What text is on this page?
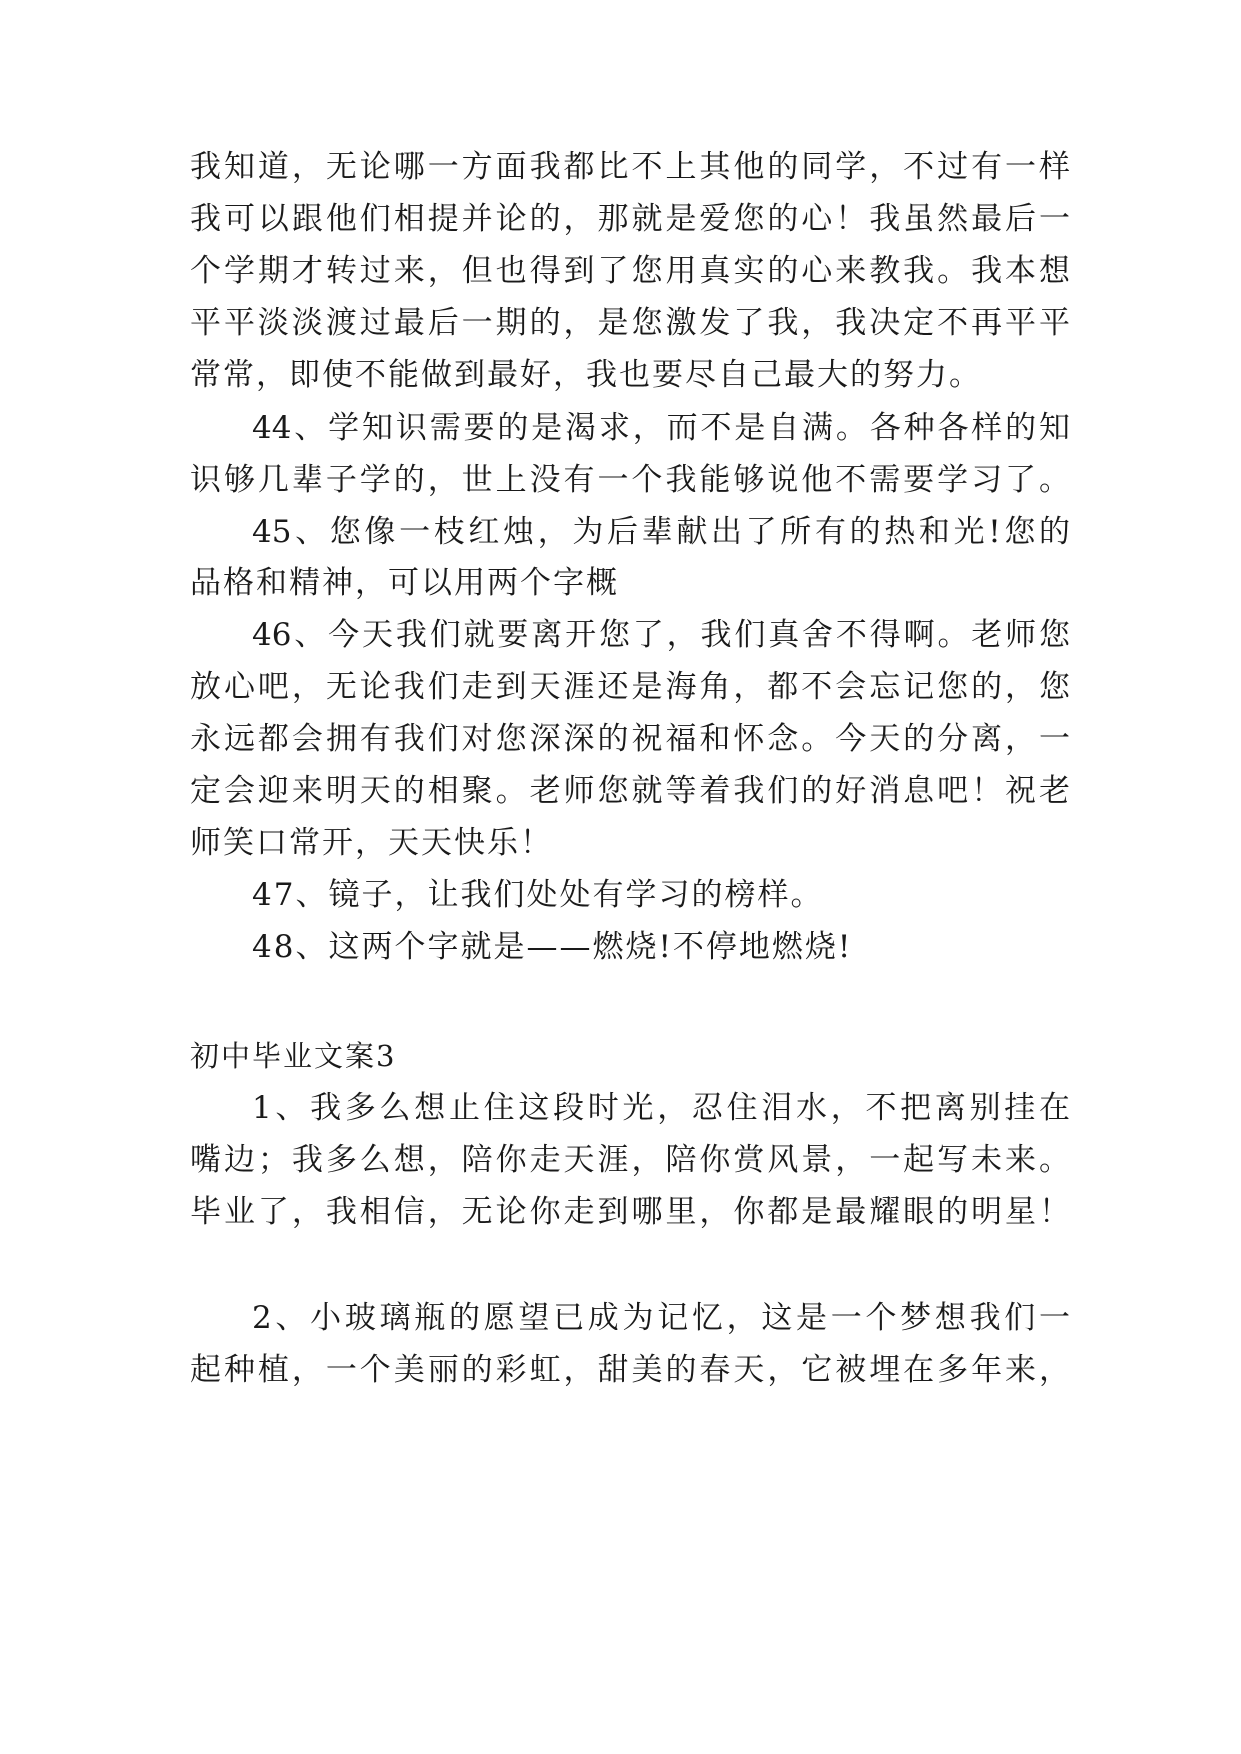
我知道，无论哪一方面我都比不上其他的同学，不过有一样
我可以跟他们相提并论的，那就是爱您的心！我虽然最后一
个学期才转过来，但也得到了您用真实的心来教我。我本想
平平淡淡渡过最后一期的，是您激发了我，我决定不再平平
常常，即使不能做到最好，我也要尽自己最大的努力。
44、学知识需要的是渴求，而不是自满。各种各样的知
识够几辈子学的，世上没有一个我能够说他不需要学习了。
45、您像一枝红烛，为后辈献出了所有的热和光!您的
品格和精神，可以用两个字概
46、今天我们就要离开您了，我们真舍不得啊。老师您
放心吧，无论我们走到天涯还是海角，都不会忘记您的，您
永远都会拥有我们对您深深的祝福和怀念。今天的分离，一
定会迎来明天的相聚。老师您就等着我们的好消息吧！祝老
师笑口常开，天天快乐！
47、镜子，让我们处处有学习的榜样。
48、这两个字就是——燃烧!不停地燃烧!
初中毕业文案3
1、我多么想止住这段时光，忍住泪水，不把离别挂在
嘴边；我多么想，陪你走天涯，陪你赏风景，一起写未来。
毕业了，我相信，无论你走到哪里，你都是最耀眼的明星！
2、小玻璃瓶的愿望已成为记忆，这是一个梦想我们一
起种植，一个美丽的彩虹，甜美的春天，它被埋在多年来，
